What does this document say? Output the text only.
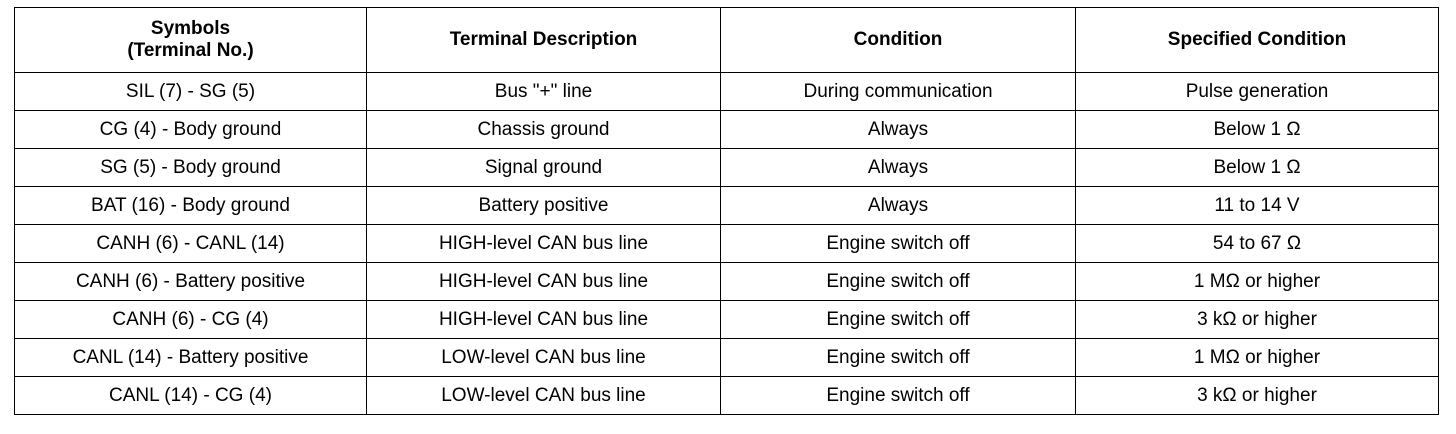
Symbols
(Terminal No.)	Terminal Description	Condition	Specified Condition
SIL (7) - SG (5)	Bus "+" line	During communication	Pulse generation
CG (4) - Body ground	Chassis ground	Always	Below 1 Ω
SG (5) - Body ground	Signal ground	Always	Below 1 Ω
BAT (16) - Body ground	Battery positive	Always	11 to 14 V
CANH (6) - CANL (14)	HIGH-level CAN bus line	Engine switch off	54 to 67 Ω
CANH (6) - Battery positive	HIGH-level CAN bus line	Engine switch off	1 MΩ or higher
CANH (6) - CG (4)	HIGH-level CAN bus line	Engine switch off	3 kΩ or higher
CANL (14) - Battery positive	LOW-level CAN bus line	Engine switch off	1 MΩ or higher
CANL (14) - CG (4)	LOW-level CAN bus line	Engine switch off	3 kΩ or higher
